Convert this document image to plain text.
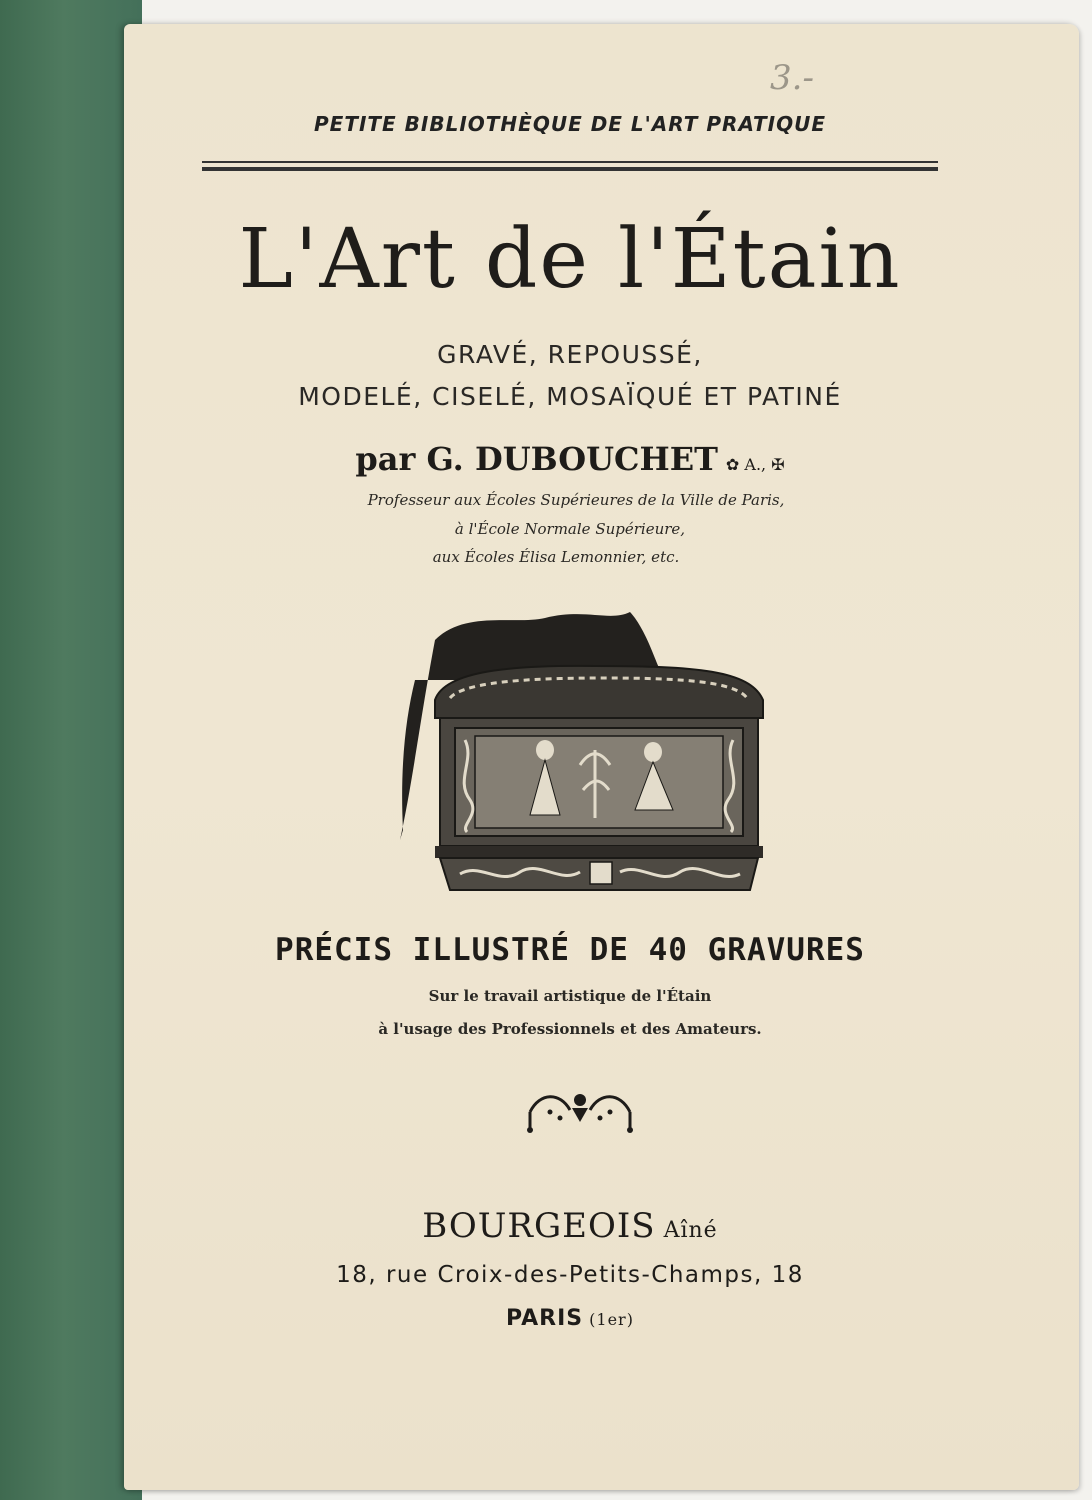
3.-
PETITE BIBLIOTHÈQUE DE L'ART PRATIQUE
L'Art de l'Étain
GRAVÉ, REPOUSSÉ,
MODELÉ, CISELÉ, MOSAÏQUÉ ET PATINÉ
par G. DUBOUCHET ✿ A., ✠
Professeur aux Écoles Supérieures de la Ville de Paris,
à l'École Normale Supérieure,
aux Écoles Élisa Lemonnier, etc.
PRÉCIS ILLUSTRÉ DE 40 GRAVURES
Sur le travail artistique de l'Étain
à l'usage des Professionnels et des Amateurs.
BOURGEOIS Aîné
18, rue Croix-des-Petits-Champs, 18
PARIS (1er)
